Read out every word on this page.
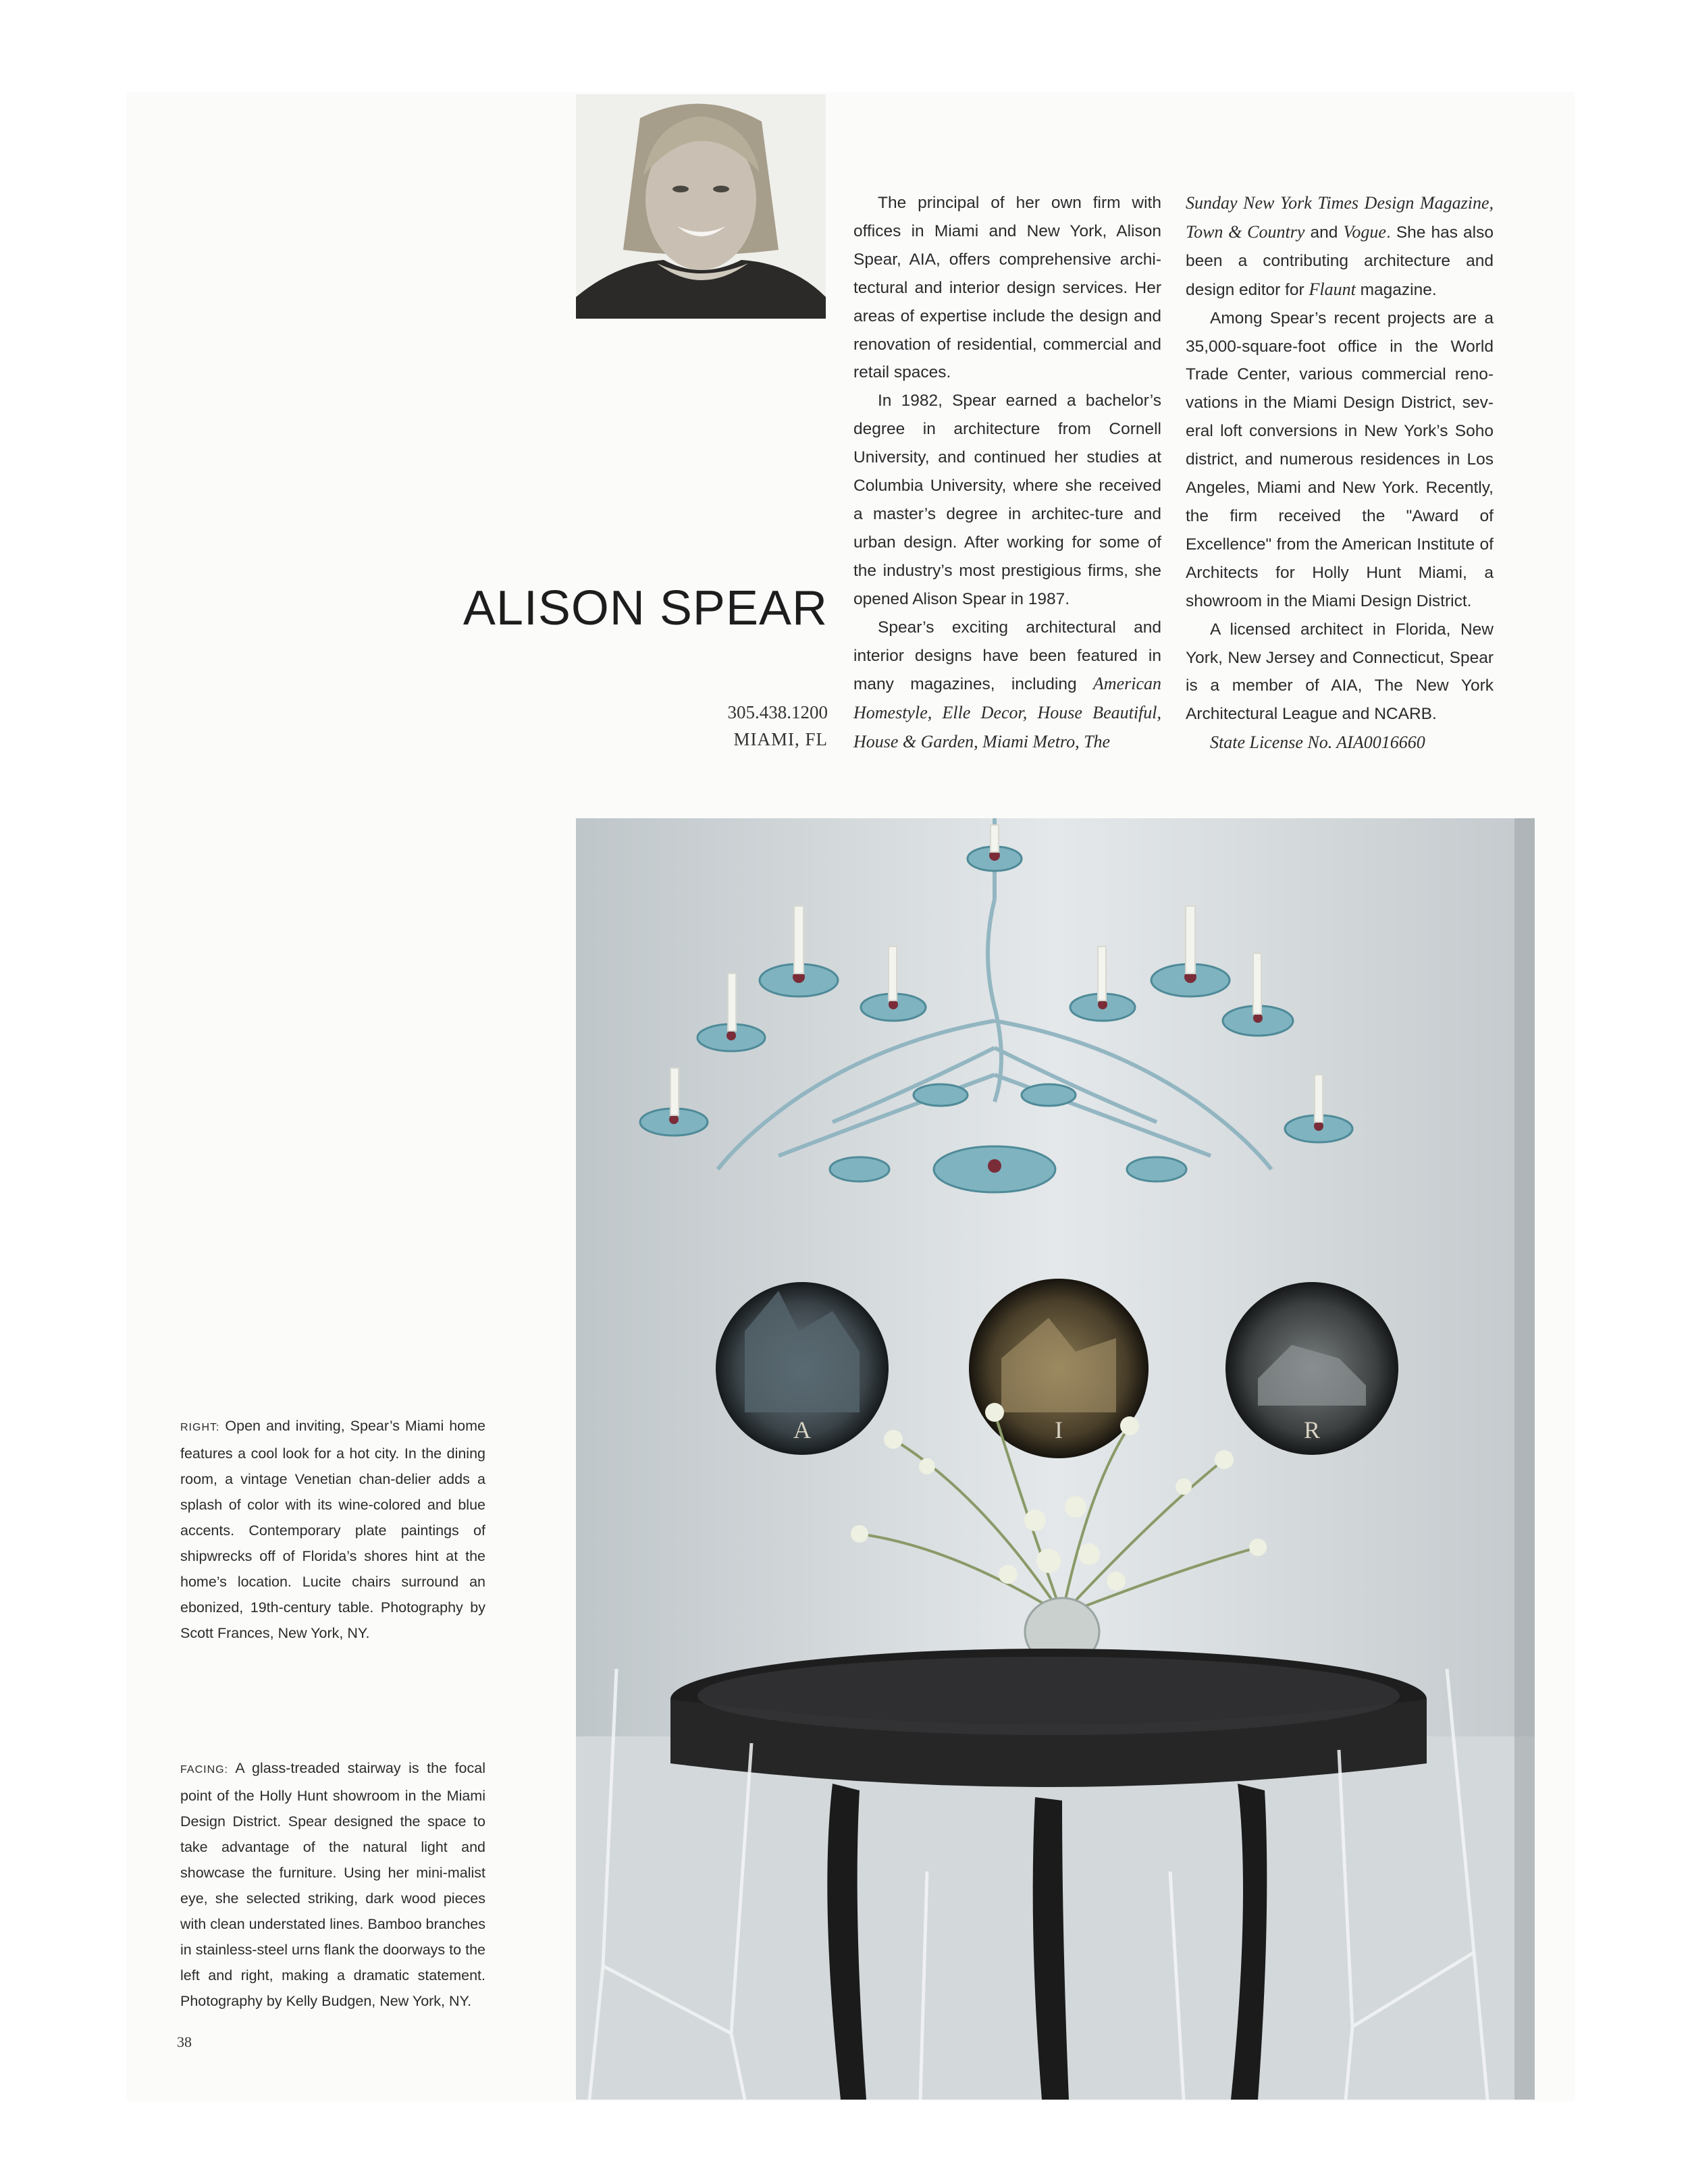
ALISON SPEAR
305.438.1200
MIAMI, FL

The principal of her own firm with offices in Miami and New York, Alison Spear, AIA, offers comprehensive archi-tectural and interior design services. Her areas of expertise include the design and renovation of residential, commercial and retail spaces.

In 1982, Spear earned a bachelor’s degree in architecture from Cornell University, and continued her studies at Columbia University, where she received a master’s degree in architec-ture and urban design. After working for some of the industry’s most prestigious firms, she opened Alison Spear in 1987.

Spear’s exciting architectural and interior designs have been featured in many magazines, including American Homestyle, Elle Decor, House Beautiful, House & Garden, Miami Metro, The

Sunday New York Times Design Magazine, Town & Country and Vogue. She has also been a contributing architecture and design editor for Flaunt magazine.

Among Spear’s recent projects are a 35,000-square-foot office in the World Trade Center, various commercial reno-vations in the Miami Design District, sev-eral loft conversions in New York’s Soho district, and numerous residences in Los Angeles, Miami and New York. Recently, the firm received the "Award of Excellence" from the American Institute of Architects for Holly Hunt Miami, a showroom in the Miami Design District.

A licensed architect in Florida, New York, New Jersey and Connecticut, Spear is a member of AIA, The New York Architectural League and NCARB.

State License No. AIA0016660

A	I	R
RIGHT: Open and inviting, Spear’s Miami home features a cool look for a hot city. In the dining room, a vintage Venetian chan-delier adds a splash of color with its wine-colored and blue accents. Contemporary plate paintings of shipwrecks off of Florida’s shores hint at the home’s location. Lucite chairs surround an ebonized, 19th-century table. Photography by Scott Frances, New York, NY.
FACING: A glass-treaded stairway is the focal point of the Holly Hunt showroom in the Miami Design District. Spear designed the space to take advantage of the natural light and showcase the furniture. Using her mini-malist eye, she selected striking, dark wood pieces with clean understated lines. Bamboo branches in stainless-steel urns flank the doorways to the left and right, making a dramatic statement. Photography by Kelly Budgen, New York, NY.
38
